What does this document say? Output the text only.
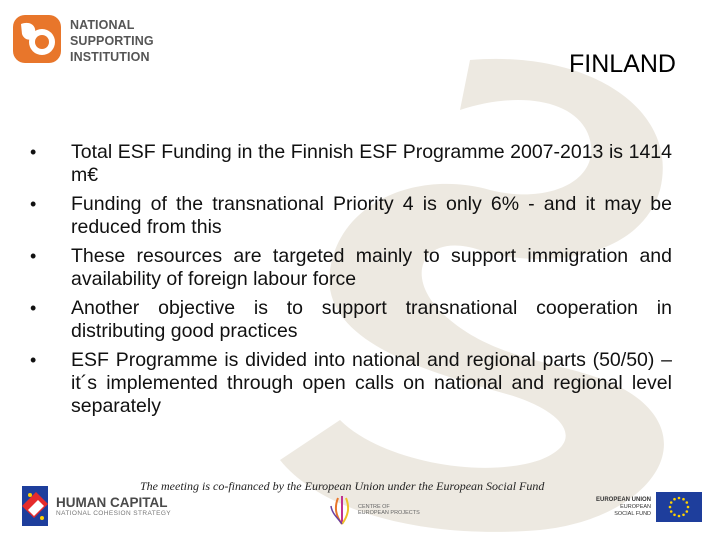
NATIONAL
SUPPORTING
INSTITUTION	FINLAND
• Total ESF Funding in the Finnish ESF Programme 2007-2013 is 1414 m€
• Funding of the transnational Priority 4 is only 6% - and it may be reduced from this
• These resources are targeted mainly to support immigration and availability of foreign labour force
• Another objective is to support transnational cooperation in distributing good practices
• ESF Programme is divided into national and regional parts (50/50) – it´s implemented through open calls on national and regional level separately
The meeting is co-financed by the European Union under the European Social Fund
HUMAN CAPITAL
NATIONAL COHESION STRATEGY
CENTRE OF
EUROPEAN PROJECTS
EUROPEAN UNION
EUROPEAN
SOCIAL FUND
